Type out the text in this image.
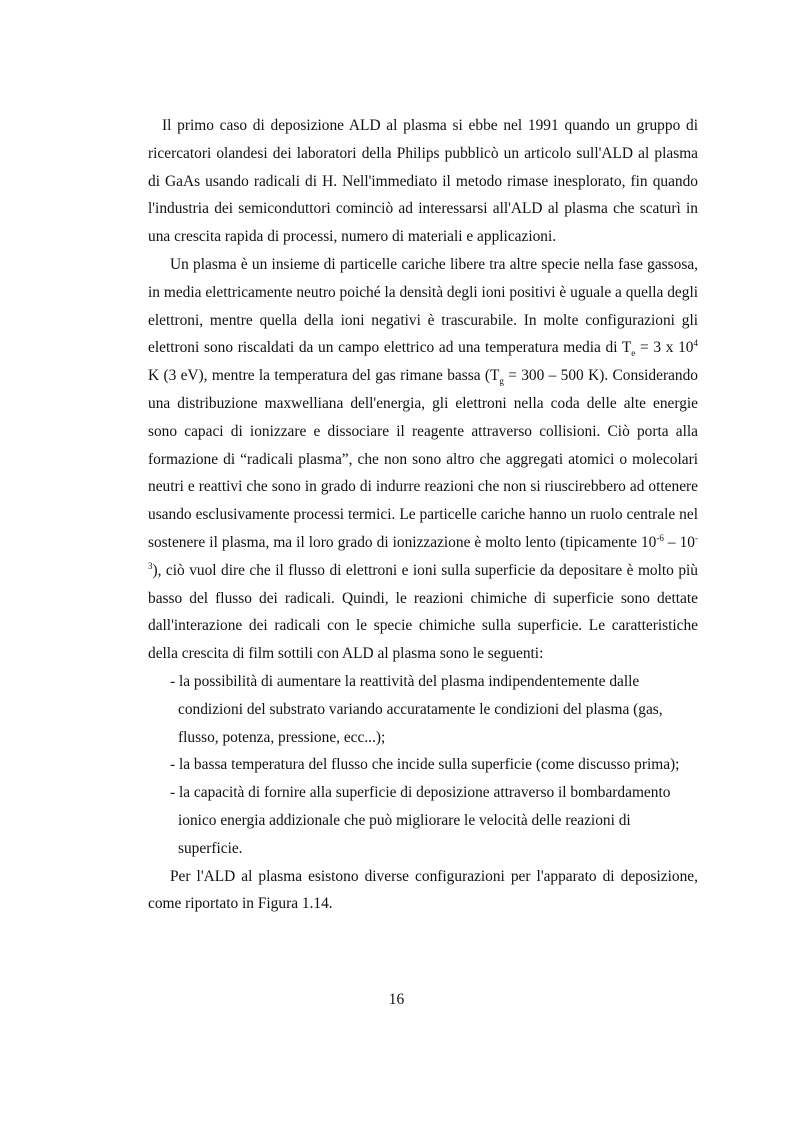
Il primo caso di deposizione ALD al plasma si ebbe nel 1991 quando un gruppo di ricercatori olandesi dei laboratori della Philips pubblicò un articolo sull'ALD al plasma di GaAs usando radicali di H. Nell'immediato il metodo rimase inesplorato, fin quando l'industria dei semiconduttori cominciò ad interessarsi all'ALD al plasma che scaturì in una crescita rapida di processi, numero di materiali e applicazioni.

Un plasma è un insieme di particelle cariche libere tra altre specie nella fase gassosa, in media elettricamente neutro poiché la densità degli ioni positivi è uguale a quella degli elettroni, mentre quella della ioni negativi è trascurabile. In molte configurazioni gli elettroni sono riscaldati da un campo elettrico ad una temperatura media di $T_e = 3$ x $10^4$ K (3 eV), mentre la temperatura del gas rimane bassa ($T_g = 300 - 500$ K). Considerando una distribuzione maxwelliana dell'energia, gli elettroni nella coda delle alte energie sono capaci di ionizzare e dissociare il reagente attraverso collisioni. Ciò porta alla formazione di “radicali plasma”, che non sono altro che aggregati atomici o molecolari neutri e reattivi che sono in grado di indurre reazioni che non si riuscirebbero ad ottenere usando esclusivamente processi termici. Le particelle cariche hanno un ruolo centrale nel sostenere il plasma, ma il loro grado di ionizzazione è molto lento (tipicamente $10^{-6} - 10^{-3}$), ciò vuol dire che il flusso di elettroni e ioni sulla superficie da depositare è molto più basso del flusso dei radicali. Quindi, le reazioni chimiche di superficie sono dettate dall'interazione dei radicali con le specie chimiche sulla superficie. Le caratteristiche della crescita di film sottili con ALD al plasma sono le seguenti:

- la possibilità di aumentare la reattività del plasma indipendentemente dalle condizioni del substrato variando accuratamente le condizioni del plasma (gas, flusso, potenza, pressione, ecc...);
- la bassa temperatura del flusso che incide sulla superficie (come discusso prima);
- la capacità di fornire alla superficie di deposizione attraverso il bombardamento ionico energia addizionale che può migliorare le velocità delle reazioni di superficie.

Per l'ALD al plasma esistono diverse configurazioni per l'apparato di deposizione, come riportato in Figura 1.14.

16
